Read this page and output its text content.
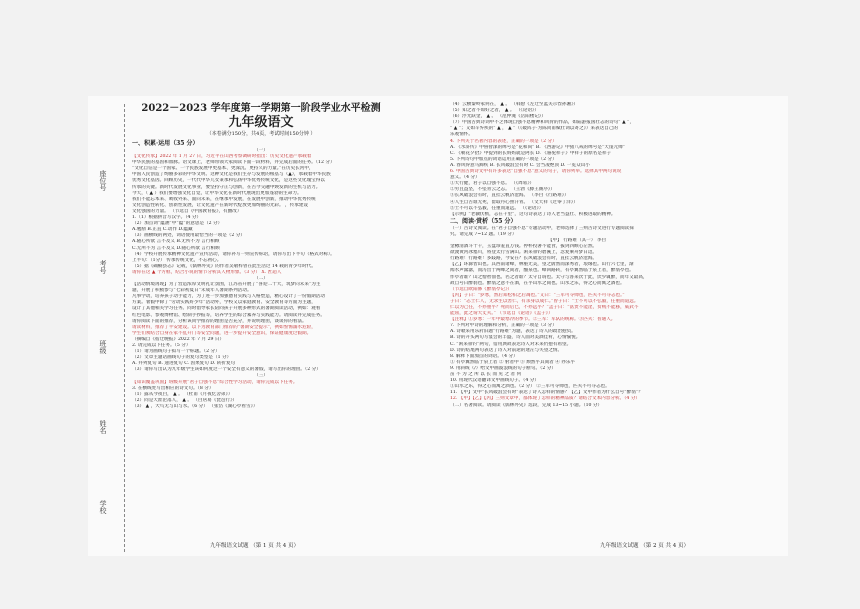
学校
姓名
班级
考号
座位号

2022－2023 学年度第一学期第一阶段学业水平检测

九年级语文

（本卷满分150分，共4页，考试时间150分钟 ）

一、积累·运用（35 分）

（一）

【文化传承】2022 年 1 月 27 日，习近平在山西考察调研时指出：历史文化遗产承载着

中华民族的基因和血脉。语文课上，老师带领大家阅读下面一段材料，并完成后面的任务。（12 分）

“文化自信是一个国家、一个民族发展中更基本、更深沉、更持久的力量。”在历史长河中，

中国人民创造了绚丽多彩的中华文明。这种文化是我们生存与发展的根基与（▲），承载着中华民族

优秀文化基因。回顾历史，一代代中华儿女秉承和弘扬中华优秀传统文化，是这些文化瑰宝得以

传承的关键。新时代发展文化事业，要坚持守正与创新，在古今交融中焕发新的生机与活力。

今天，（ ▲ ）我们要增强文化自觉，让中华文化在新时代展现出更加蓬勃的生命力。

我们不能忘本来、吸收外来、面向未来，在继承中发展，在发展中创新，推动中华优秀传统

文化创造性转化、创新性发展，让文化遗产在新时代绽放更加绚丽的光彩。 ，传承建设

文化强国的力量。 （节选自《中国教育报》，有删改）

1.（1）根据拼音写汉字。（4 分）

（2）加点词“蕴涵”中“蕴”的意思是（2 分）

A.勉励 B.正直 C.动作 D.蕴藏

（3）画横线的两处，词语使用最恰当的一项是（2 分）

A.随心所欲 言不及义 B.无所不为 言行相顾

C.无所不为 言不及义 D.随心所欲 言行相顾

（4）学校开展传承精神文化遗产宣传活动，请你补写一则宣传标语，请你写出下半句（格式对称）。

上半句：（1分） 传承传统文化，不忘初心。

（5）据《确楠县志》记载，《儒林外史》的作者吴敬梓曾在此生活过 14 载的青少年时代。

请你在这 ▲ 个方框，结合小说的情节分析其人物形象。（3 分） X. 匠超人

（二）

【活动情境再现】为了营造浓厚文明礼让氛围，江苏省开展了“喜迎二十大，筑梦向未来”为主

题，开展了积极参与“七彩初夏日”未成年人暑期系列活动。

凡事学动，培养孩子动手能力，为了进一步加强德育实践与人格塑造，精心设计了一份假期活动

方案。暑假中除了“劳动实践好少年”活动外，学校又以家庭教育、安全教育等方面为主题，

设计了其他相关学习任务。同时倡导家长陪同孩子开展多种形式的暑期阅读活动，例如：观看

红色电影、参观博物馆、绘制手抄报等，培养学生的综合素养与实践能力。请阅读并完成任务。

请你阅读下面的推荐，分析该同学推荐的理由是否充分，并说明理由，谈谈你的看法。

请读材料，推荐了平安建设。以下为教育部门推荐的“暑期安全提示”，例如警惕溺水危险，

学生们须结合自身在家不乱开门等安全问题，进一步提升安全意识，保证健康度过假期。

（摘编自《宿迁晚报》2022 年 7 月 29 日）

2. 请完成以下任务。（5 分）

（1）请为画线句子拟写一个标题。（2 分）

（2）文章主题话画线句子的复句类型是（1 分）

A. 并列复句 B. 递进复句 C. 因果复句 D. 转折复句

（3）请你写出认为九年级学生该如何度过一个安全有意义的暑假，请写出你的理由。（2 分）

（三）

【知识覆盖巩固】班级开展“君子自强不息”综合性学习活动，请你完成以下任务。

3. 在横线处写出相应的诗文句。（8 分）

（1）露从今夜白， ▲ 。 （杜甫《月夜忆舍弟》）

（2）同是天涯沦落人， ▲ 。 （白居易《琵琶行》）

（3） ▲ ，大鸟无与山与水。（6 分） （张岱《湖心亭看雪》）

（4）云横秦岭家何在， ▲ 。 （韩愈《左迁至蓝关示侄孙湘》）

（5）知之者不如好之者， ▲ 。 （《论语》）

（6）浮光跃金， ▲ 。 （范仲淹《岳阳楼记》）

（7）中国古典诗词中不乏体现自强不息精神和风骨的作品，如陆游报国壮志的诗句“ ▲ ”，

“ ▲ ”；又如辛弃疾的“ ▲ ， ▲ ”（《破阵子·为陈同甫赋壮词以寄之》）来表达自己的

乐观情怀。

4. 下列关于名著内容的表述，正确的一项是（2 分）

A. 《水浒传》中鲁智深的绰号是“花和尚” B. 《西游记》中猪八戒的绰号是“天蓬元帅”

C. 《朝花夕拾》中提到的长妈妈就是阿长 D. 《骆驼祥子》中祥子的原名是祥子

5. 下列诗句中加点的词语运用正确的一项是（2 分）

A. 春风得意马蹄疾 B. 长风破浪会有时 C. 会当凌绝顶 D. 一览众山小

6. 中国古典诗文中有许多表达“自强不息”意义的句子，请你列举。选择其中两句说说

意义。（4 分）

①天行健，君子以自强不息。 （《周易》）

②穷且益坚，不坠青云之志。 （王勃《滕王阁序》）

③长风破浪会有时，直挂云帆济沧海。 （李白《行路难》）

④人生自古谁无死，留取丹心照汗青。 （文天祥《过零丁洋》）

⑤士不可以不弘毅，任重而道远。 （《论语》）

【示例】“老骥伏枥，志在千里”，这句诗表达了诗人老当益壮、积极进取的精神。

二、阅读·赏析（55 分）

（一）古诗文阅读。在“君子自强不息”专题活动中，老师选择了三则古诗文进行专题阅读探

究。请完成 7~12 题。（19 分）

【甲】 行路难（其一） 李白

金樽清酒斗十千，玉盘珍羞直万钱。停杯投箸不能食，拔剑四顾心茫然。

欲渡黄河冰塞川，将登太行雪满山。闲来垂钓碧溪上，忽复乘舟梦日边。

行路难！行路难！多歧路，今安在？长风破浪会有时，直挂云帆济沧海。

【乙】环滁皆山也。其西南诸峰，林壑尤美，望之蔚然而深秀者，琅琊也。山行六七里，渐

闻水声潺潺，而泻出于两峰之间者，酿泉也。峰回路转，有亭翼然临于泉上者，醉翁亭也。

作亭者谁？山之僧智仙也。名之者谁？太守自谓也。太守与客来饮于此，饮少辄醉，而年又最高，

故自号曰醉翁也。醉翁之意不在酒，在乎山水之间也。山水之乐，得之心而寓之酒也。

（节选自欧阳修《醉翁亭记》）

【丙】子曰：“岁寒，然后知松柏之后凋也。”又曰：“三军可夺帅也，匹夫不可夺志也。”

子曰：“志士仁人，无求生以害仁，有杀身以成仁。”曾子曰：“士不可以不弘毅，任重而道远。

仁以为己任，不亦重乎？死而后已，不亦远乎？”孟子曰：“富贵不能淫，贫贱不能移，威武不

能屈，此之谓大丈夫。” （节选自《论语》《孟子》）

【注释】①岁寒：一年中最寒冷的季节。②三军：军队的统称。③匹夫：普通人。

7. 下列对甲诗的理解和分析，正确的一项是（3 分）

A. 诗歌采用乐府旧题“行路难”为题，表达了诗人的政治抱负。

B. 诗的开头两句写宴会的丰盛，诗人面对美酒佳肴，心情愉悦。

C. “闲来垂钓”两句，借用典故表达诗人对未来仍抱有希望。

D. 诗的结尾两句表达了诗人对前途的迷茫与失望之情。

8. 解释下面加点的词语。（4 分）

① 有亭翼然临于泉上者 ② 射者中 ③ 颓然乎其间者 ④ 亦乐乎

9. 用斜线（/）给文中画波浪线的句子断句。（2 分）

苗 不 为 之 所 以 长 而 见 之 者 何

10. 用现代汉语翻译文中画线句子。（4 分）

①山水之乐，得之心而寓之酒也。（2 分） ②三军可夺帅也，匹夫不可夺志也。

11. 【甲】文中“长风破浪会有时”表达了诗人怎样的情感？【乙】文中作者为什么自号“醉翁”？

12. 【甲】【乙】【丙】三则文章中，都体现了怎样的精神品质？请结合文本内容分析。（4 分）

（二）名著阅读。请阅读《儒林外史》选段，完成 13~15 小题。（10 分）

九年级语文试题 （第 1 页 共 4 页）	九年级语文试题 （第 2 页 共 4 页）
